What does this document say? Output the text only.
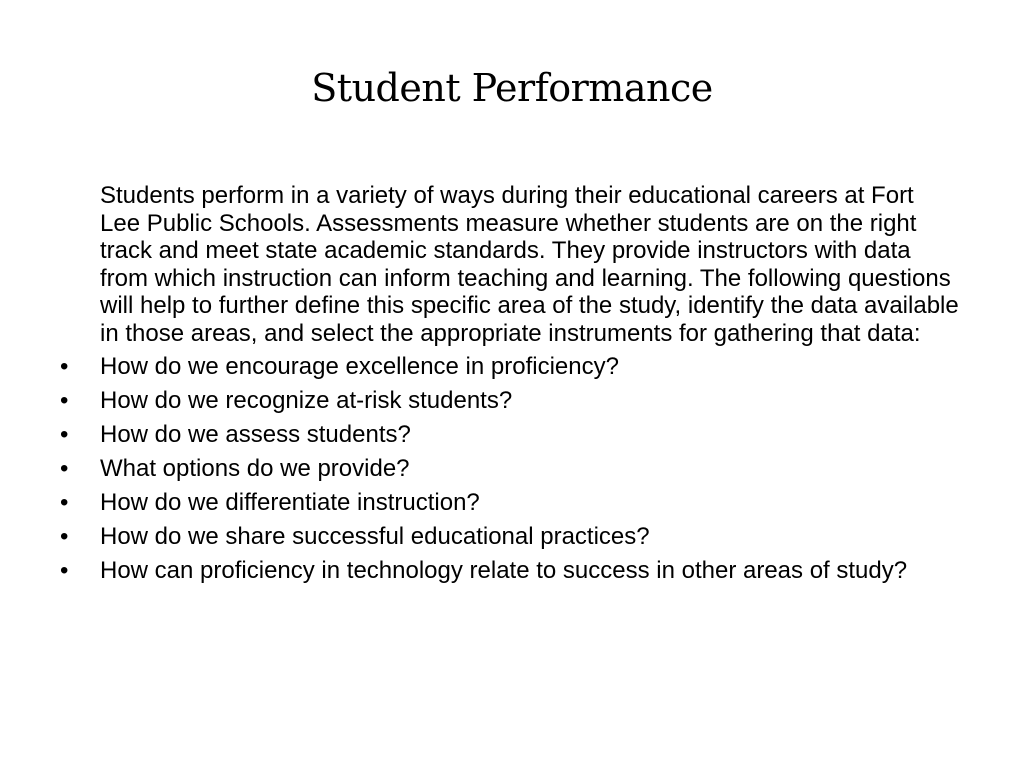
Student Performance

Students perform in a variety of ways during their educational careers at Fort Lee Public Schools. Assessments measure whether students are on the right track and meet state academic standards. They provide instructors with data from which instruction can inform teaching and learning. The following questions will help to further define this specific area of the study, identify the data available in those areas, and select the appropriate instruments for gathering that data:

•	How do we encourage excellence in proficiency?
•	How do we recognize at-risk students?
•	How do we assess students?
•	What options do we provide?
•	How do we differentiate instruction?
•	How do we share successful educational practices?
•	How can proficiency in technology relate to success in other areas of study?
